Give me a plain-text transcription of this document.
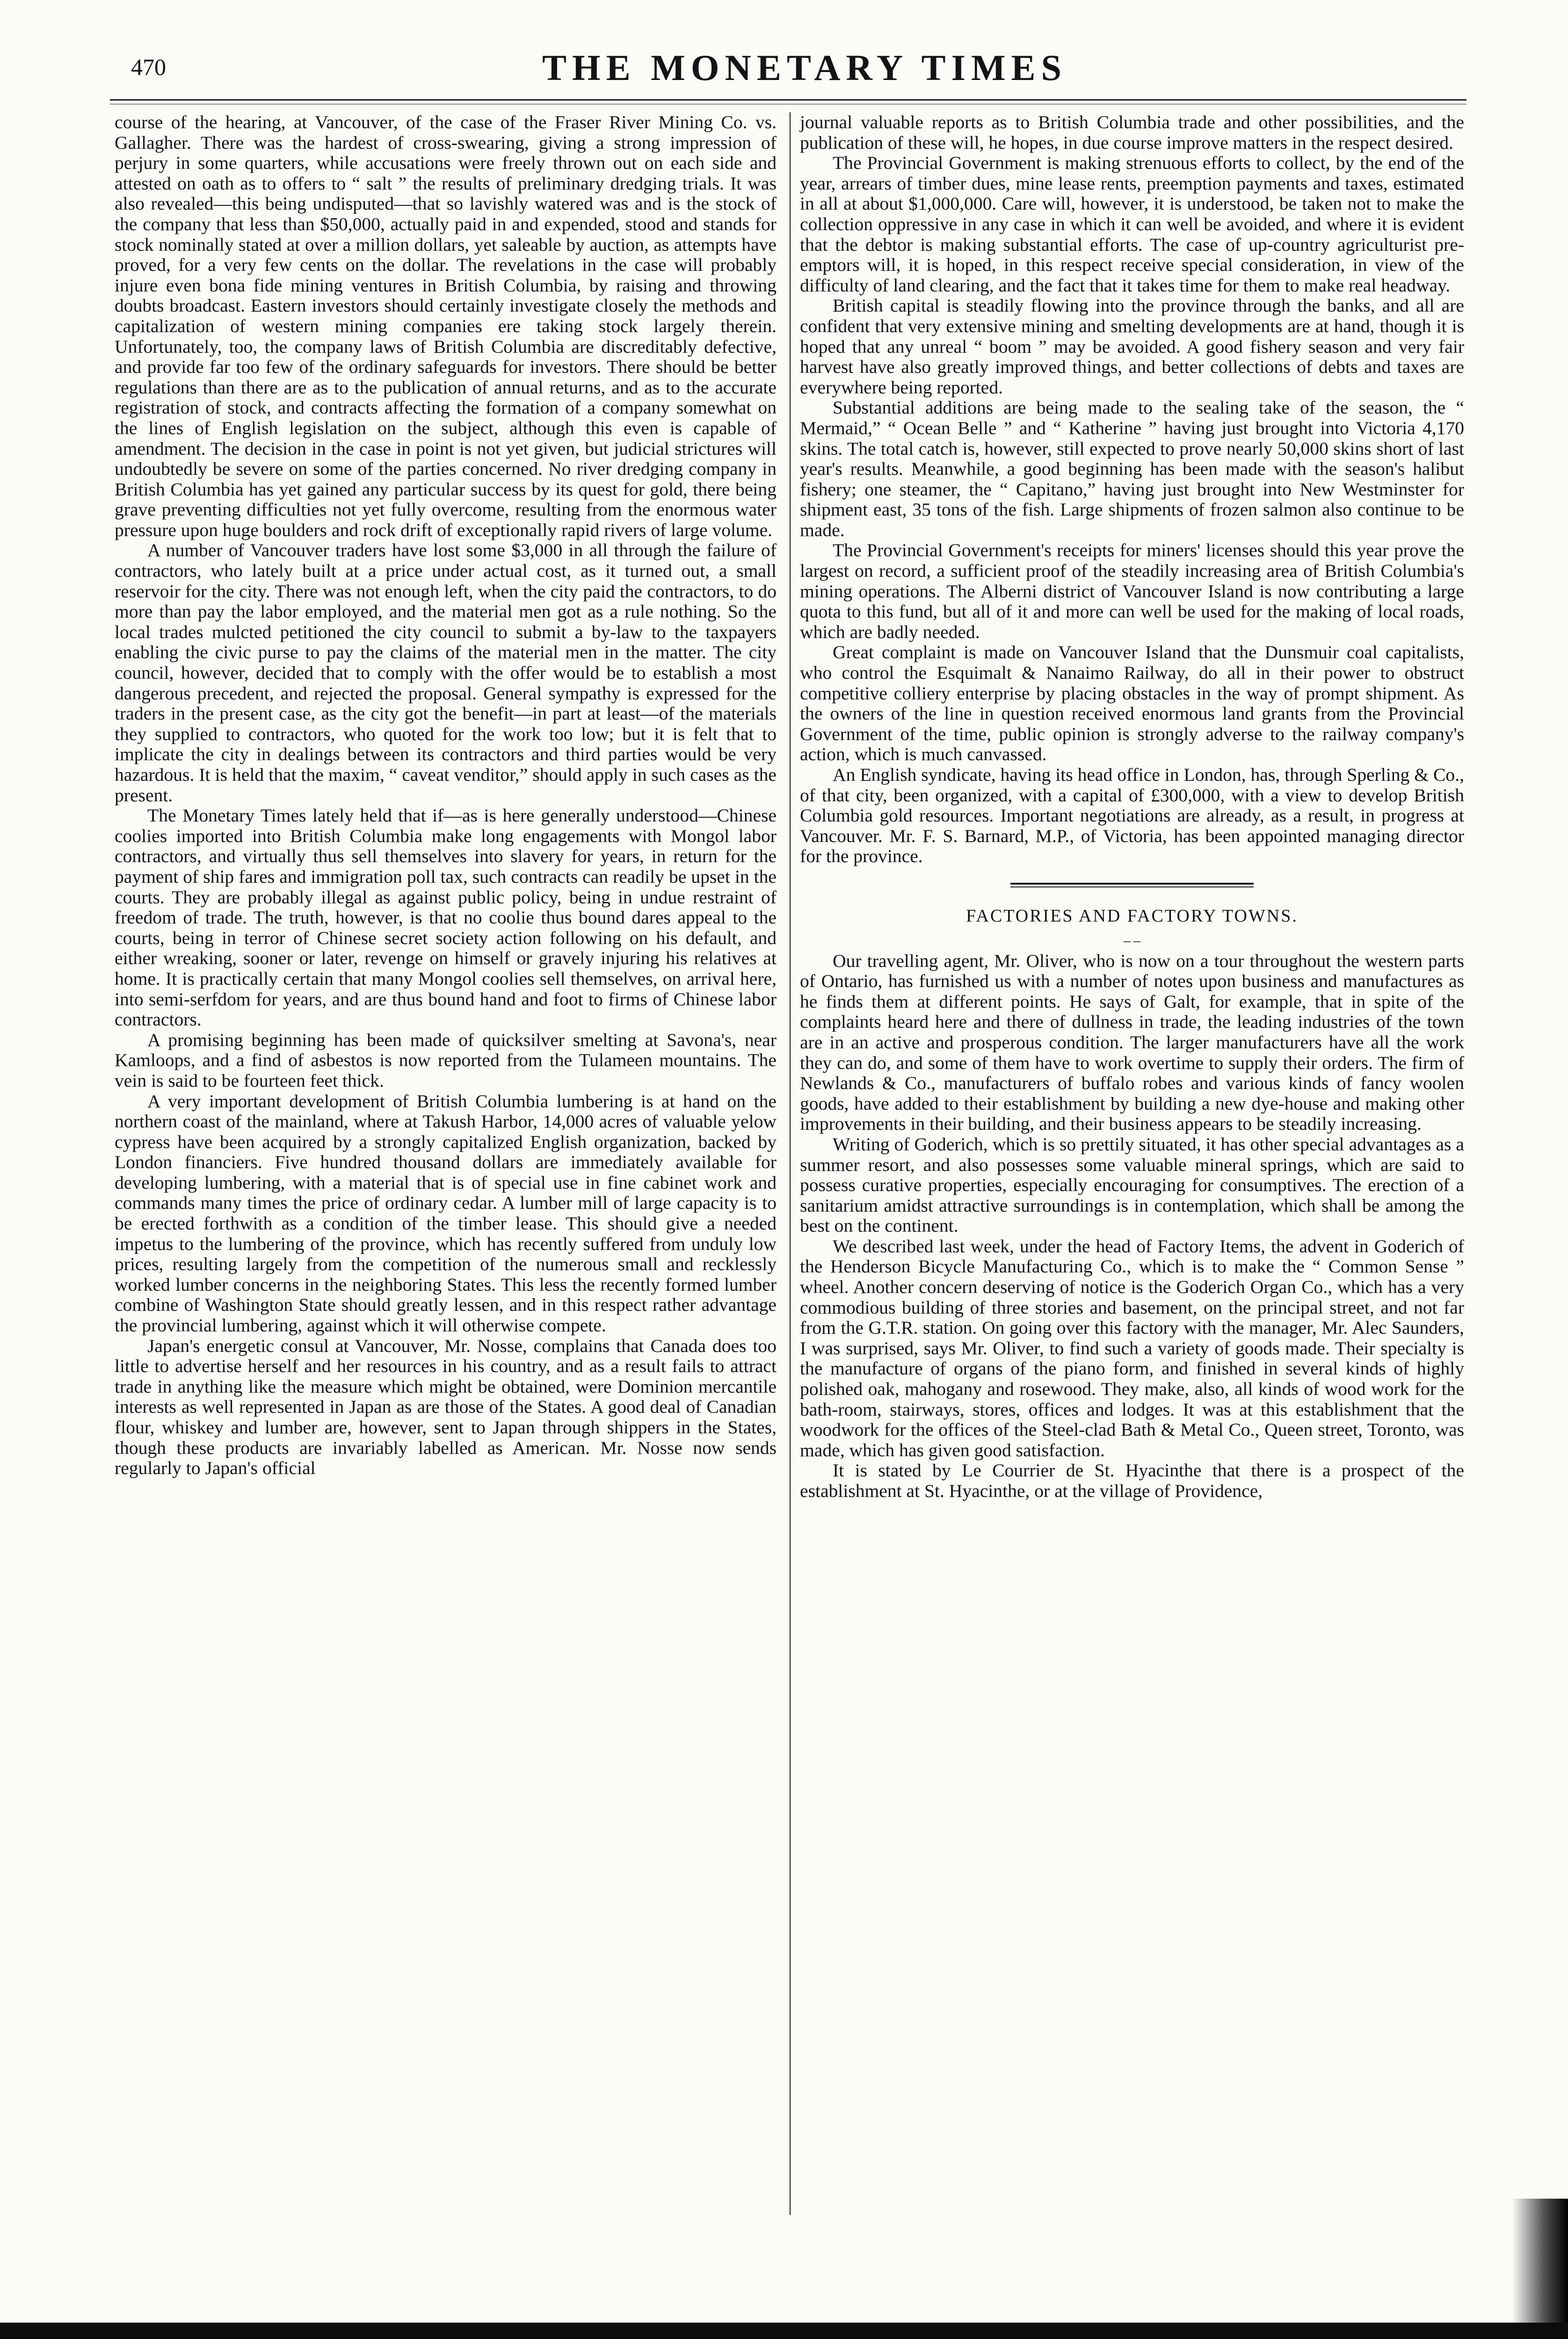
470	THE MONETARY TIMES

course of the hearing, at Vancouver, of the case of the Fraser River Mining Co. vs. Gallagher. There was the hardest of cross-swearing, giving a strong impression of perjury in some quarters, while accusations were freely thrown out on each side and attested on oath as to offers to “ salt ” the results of preliminary dredging trials. It was also revealed—this being undisputed—that so lavishly watered was and is the stock of the company that less than $50,000, actually paid in and expended, stood and stands for stock nominally stated at over a million dollars, yet saleable by auction, as attempts have proved, for a very few cents on the dollar. The revelations in the case will probably injure even bona fide mining ventures in British Columbia, by raising and throwing doubts broadcast. Eastern investors should certainly investigate closely the methods and capitalization of western mining companies ere taking stock largely therein. Unfortunately, too, the company laws of British Columbia are discreditably defective, and provide far too few of the ordinary safeguards for investors. There should be better regulations than there are as to the publication of annual returns, and as to the accurate registration of stock, and contracts affecting the formation of a company somewhat on the lines of English legislation on the subject, although this even is capable of amendment. The decision in the case in point is not yet given, but judicial strictures will undoubtedly be severe on some of the parties concerned. No river dredging company in British Columbia has yet gained any particular success by its quest for gold, there being grave preventing difficulties not yet fully overcome, resulting from the enormous water pressure upon huge boulders and rock drift of exceptionally rapid rivers of large volume.

A number of Vancouver traders have lost some $3,000 in all through the failure of contractors, who lately built at a price under actual cost, as it turned out, a small reservoir for the city. There was not enough left, when the city paid the contractors, to do more than pay the labor employed, and the material men got as a rule nothing. So the local trades mulcted petitioned the city council to submit a by-law to the taxpayers enabling the civic purse to pay the claims of the material men in the matter. The city council, however, decided that to comply with the offer would be to establish a most dangerous precedent, and rejected the proposal. General sympathy is expressed for the traders in the present case, as the city got the benefit—in part at least—of the materials they supplied to contractors, who quoted for the work too low; but it is felt that to implicate the city in dealings between its contractors and third parties would be very hazardous. It is held that the maxim, “ caveat venditor,” should apply in such cases as the present.

The Monetary Times lately held that if—as is here generally understood—Chinese coolies imported into British Columbia make long engagements with Mongol labor contractors, and virtually thus sell themselves into slavery for years, in return for the payment of ship fares and immigration poll tax, such contracts can readily be upset in the courts. They are probably illegal as against public policy, being in undue restraint of freedom of trade. The truth, however, is that no coolie thus bound dares appeal to the courts, being in terror of Chinese secret society action following on his default, and either wreaking, sooner or later, revenge on himself or gravely injuring his relatives at home. It is practically certain that many Mongol coolies sell themselves, on arrival here, into semi-serfdom for years, and are thus bound hand and foot to firms of Chinese labor contractors.

A promising beginning has been made of quicksilver smelting at Savona's, near Kamloops, and a find of asbestos is now reported from the Tulameen mountains. The vein is said to be fourteen feet thick.

A very important development of British Columbia lumbering is at hand on the northern coast of the mainland, where at Takush Harbor, 14,000 acres of valuable yelow cypress have been acquired by a strongly capitalized English organization, backed by London financiers. Five hundred thousand dollars are immediately available for developing lumbering, with a material that is of special use in fine cabinet work and commands many times the price of ordinary cedar. A lumber mill of large capacity is to be erected forthwith as a condition of the timber lease. This should give a needed impetus to the lumbering of the province, which has recently suffered from unduly low prices, resulting largely from the competition of the numerous small and recklessly worked lumber concerns in the neighboring States. This less the recently formed lumber combine of Washington State should greatly lessen, and in this respect rather advantage the provincial lumbering, against which it will otherwise compete.

Japan's energetic consul at Vancouver, Mr. Nosse, complains that Canada does too little to advertise herself and her resources in his country, and as a result fails to attract trade in anything like the measure which might be obtained, were Dominion mercantile interests as well represented in Japan as are those of the States. A good deal of Canadian flour, whiskey and lumber are, however, sent to Japan through shippers in the States, though these products are invariably labelled as American. Mr. Nosse now sends regularly to Japan's official

journal valuable reports as to British Columbia trade and other possibilities, and the publication of these will, he hopes, in due course improve matters in the respect desired.

The Provincial Government is making strenuous efforts to collect, by the end of the year, arrears of timber dues, mine lease rents, preemption payments and taxes, estimated in all at about $1,000,000. Care will, however, it is understood, be taken not to make the collection oppressive in any case in which it can well be avoided, and where it is evident that the debtor is making substantial efforts. The case of up-country agriculturist pre-emptors will, it is hoped, in this respect receive special consideration, in view of the difficulty of land clearing, and the fact that it takes time for them to make real headway.

British capital is steadily flowing into the province through the banks, and all are confident that very extensive mining and smelting developments are at hand, though it is hoped that any unreal “ boom ” may be avoided. A good fishery season and very fair harvest have also greatly improved things, and better collections of debts and taxes are everywhere being reported.

Substantial additions are being made to the sealing take of the season, the “ Mermaid,” “ Ocean Belle ” and “ Katherine ” having just brought into Victoria 4,170 skins. The total catch is, however, still expected to prove nearly 50,000 skins short of last year's results. Meanwhile, a good beginning has been made with the season's halibut fishery; one steamer, the “ Capitano,” having just brought into New Westminster for shipment east, 35 tons of the fish. Large shipments of frozen salmon also continue to be made.

The Provincial Government's receipts for miners' licenses should this year prove the largest on record, a sufficient proof of the steadily increasing area of British Columbia's mining operations. The Alberni district of Vancouver Island is now contributing a large quota to this fund, but all of it and more can well be used for the making of local roads, which are badly needed.

Great complaint is made on Vancouver Island that the Dunsmuir coal capitalists, who control the Esquimalt & Nanaimo Railway, do all in their power to obstruct competitive colliery enterprise by placing obstacles in the way of prompt shipment. As the owners of the line in question received enormous land grants from the Provincial Government of the time, public opinion is strongly adverse to the railway company's action, which is much canvassed.

An English syndicate, having its head office in London, has, through Sperling & Co., of that city, been organized, with a capital of £300,000, with a view to develop British Columbia gold resources. Important negotiations are already, as a result, in progress at Vancouver. Mr. F. S. Barnard, M.P., of Victoria, has been appointed managing director for the province.

FACTORIES AND FACTORY TOWNS.
– –

Our travelling agent, Mr. Oliver, who is now on a tour throughout the western parts of Ontario, has furnished us with a number of notes upon business and manufactures as he finds them at different points. He says of Galt, for example, that in spite of the complaints heard here and there of dullness in trade, the leading industries of the town are in an active and prosperous condition. The larger manufacturers have all the work they can do, and some of them have to work overtime to supply their orders. The firm of Newlands & Co., manufacturers of buffalo robes and various kinds of fancy woolen goods, have added to their establishment by building a new dye-house and making other improvements in their building, and their business appears to be steadily increasing.

Writing of Goderich, which is so prettily situated, it has other special advantages as a summer resort, and also possesses some valuable mineral springs, which are said to possess curative properties, especially encouraging for consumptives. The erection of a sanitarium amidst attractive surroundings is in contemplation, which shall be among the best on the continent.

We described last week, under the head of Factory Items, the advent in Goderich of the Henderson Bicycle Manufacturing Co., which is to make the “ Common Sense ” wheel. Another concern deserving of notice is the Goderich Organ Co., which has a very commodious building of three stories and basement, on the principal street, and not far from the G.T.R. station. On going over this factory with the manager, Mr. Alec Saunders, I was surprised, says Mr. Oliver, to find such a variety of goods made. Their specialty is the manufacture of organs of the piano form, and finished in several kinds of highly polished oak, mahogany and rosewood. They make, also, all kinds of wood work for the bath-room, stairways, stores, offices and lodges. It was at this establishment that the woodwork for the offices of the Steel-clad Bath & Metal Co., Queen street, Toronto, was made, which has given good satisfaction.

It is stated by Le Courrier de St. Hyacinthe that there is a prospect of the establishment at St. Hyacinthe, or at the village of Providence,
